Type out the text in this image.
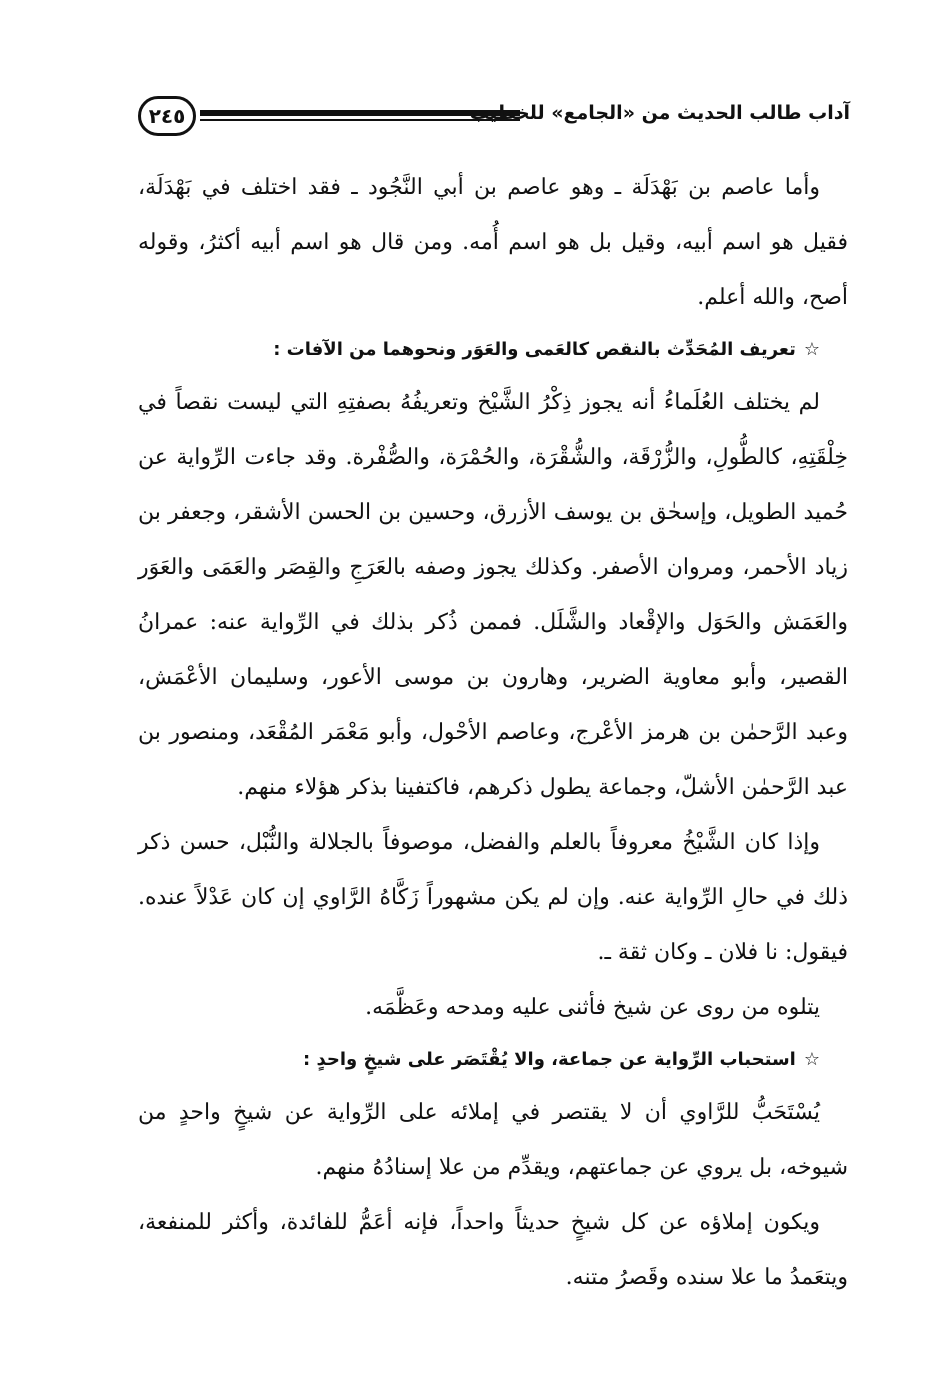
٢٤٥	آداب طالب الحديث من «الجامع» للخطيب

وأما عاصم بن بَهْدَلَة ـ وهو عاصم بن أبي النَّجُود ـ فقد اختلف في بَهْدَلَة، فقيل هو اسم أبيه، وقيل بل هو اسم أُمه. ومن قال هو اسم أبيه أكثرُ، وقوله أصح، والله أعلم.

☆تعريف المُحَدِّث بالنقص كالعَمى والعَوَر ونحوهما من الآفات :

لم يختلف العُلَماءُ أنه يجوز ذِكْرُ الشَّيْخ وتعريفُهُ بصفتِهِ التي ليست نقصاً في خِلْقَتِهِ، كالطُّولِ، والزُّرْقَة، والشُّقْرَة، والحُمْرَة، والصُّفْرة. وقد جاءت الرِّواية عن حُميد الطويل، وإسحٰق بن يوسف الأزرق، وحسين بن الحسن الأشقر، وجعفر بن زياد الأحمر، ومروان الأصفر. وكذلك يجوز وصفه بالعَرَجِ والقِصَر والعَمَى والعَوَر والعَمَش والحَوَل والإقْعاد والشَّلَل. فممن ذُكر بذلك في الرِّواية عنه: عمرانُ القصير، وأبو معاوية الضرير، وهارون بن موسى الأعور، وسليمان الأعْمَش، وعبد الرَّحمٰن بن هرمز الأعْرج، وعاصم الأحْول، وأبو مَعْمَر المُقْعَد، ومنصور بن عبد الرَّحمٰن الأشلّ، وجماعة يطول ذكرهم، فاكتفينا بذكر هؤلاء منهم.

وإذا كان الشَّيْخُ معروفاً بالعلم والفضل، موصوفاً بالجلالة والنُّبْل، حسن ذكر ذلك في حالِ الرِّواية عنه. وإن لم يكن مشهوراً زَكَّاهُ الرَّاوي إن كان عَدْلاً عنده. فيقول: نا فلان ـ وكان ثقة ـ.

يتلوه من روى عن شيخ فأثنى عليه ومدحه وعَظَّمَه.

☆استحباب الرِّواية عن جماعة، والا يُقْتَصَر على شيخٍ واحدٍ :

يُسْتَحَبُّ للرَّاوي أن لا يقتصر في إملائه على الرِّواية عن شيخٍ واحدٍ من شيوخه، بل يروي عن جماعتهم، ويقدِّم من علا إسنادُهُ منهم.

ويكون إملاؤه عن كل شيخٍ حديثاً واحداً، فإنه أعَمُّ للفائدة، وأكثر للمنفعة، ويتعَمدُ ما علا سنده وقَصرُ متنه.
